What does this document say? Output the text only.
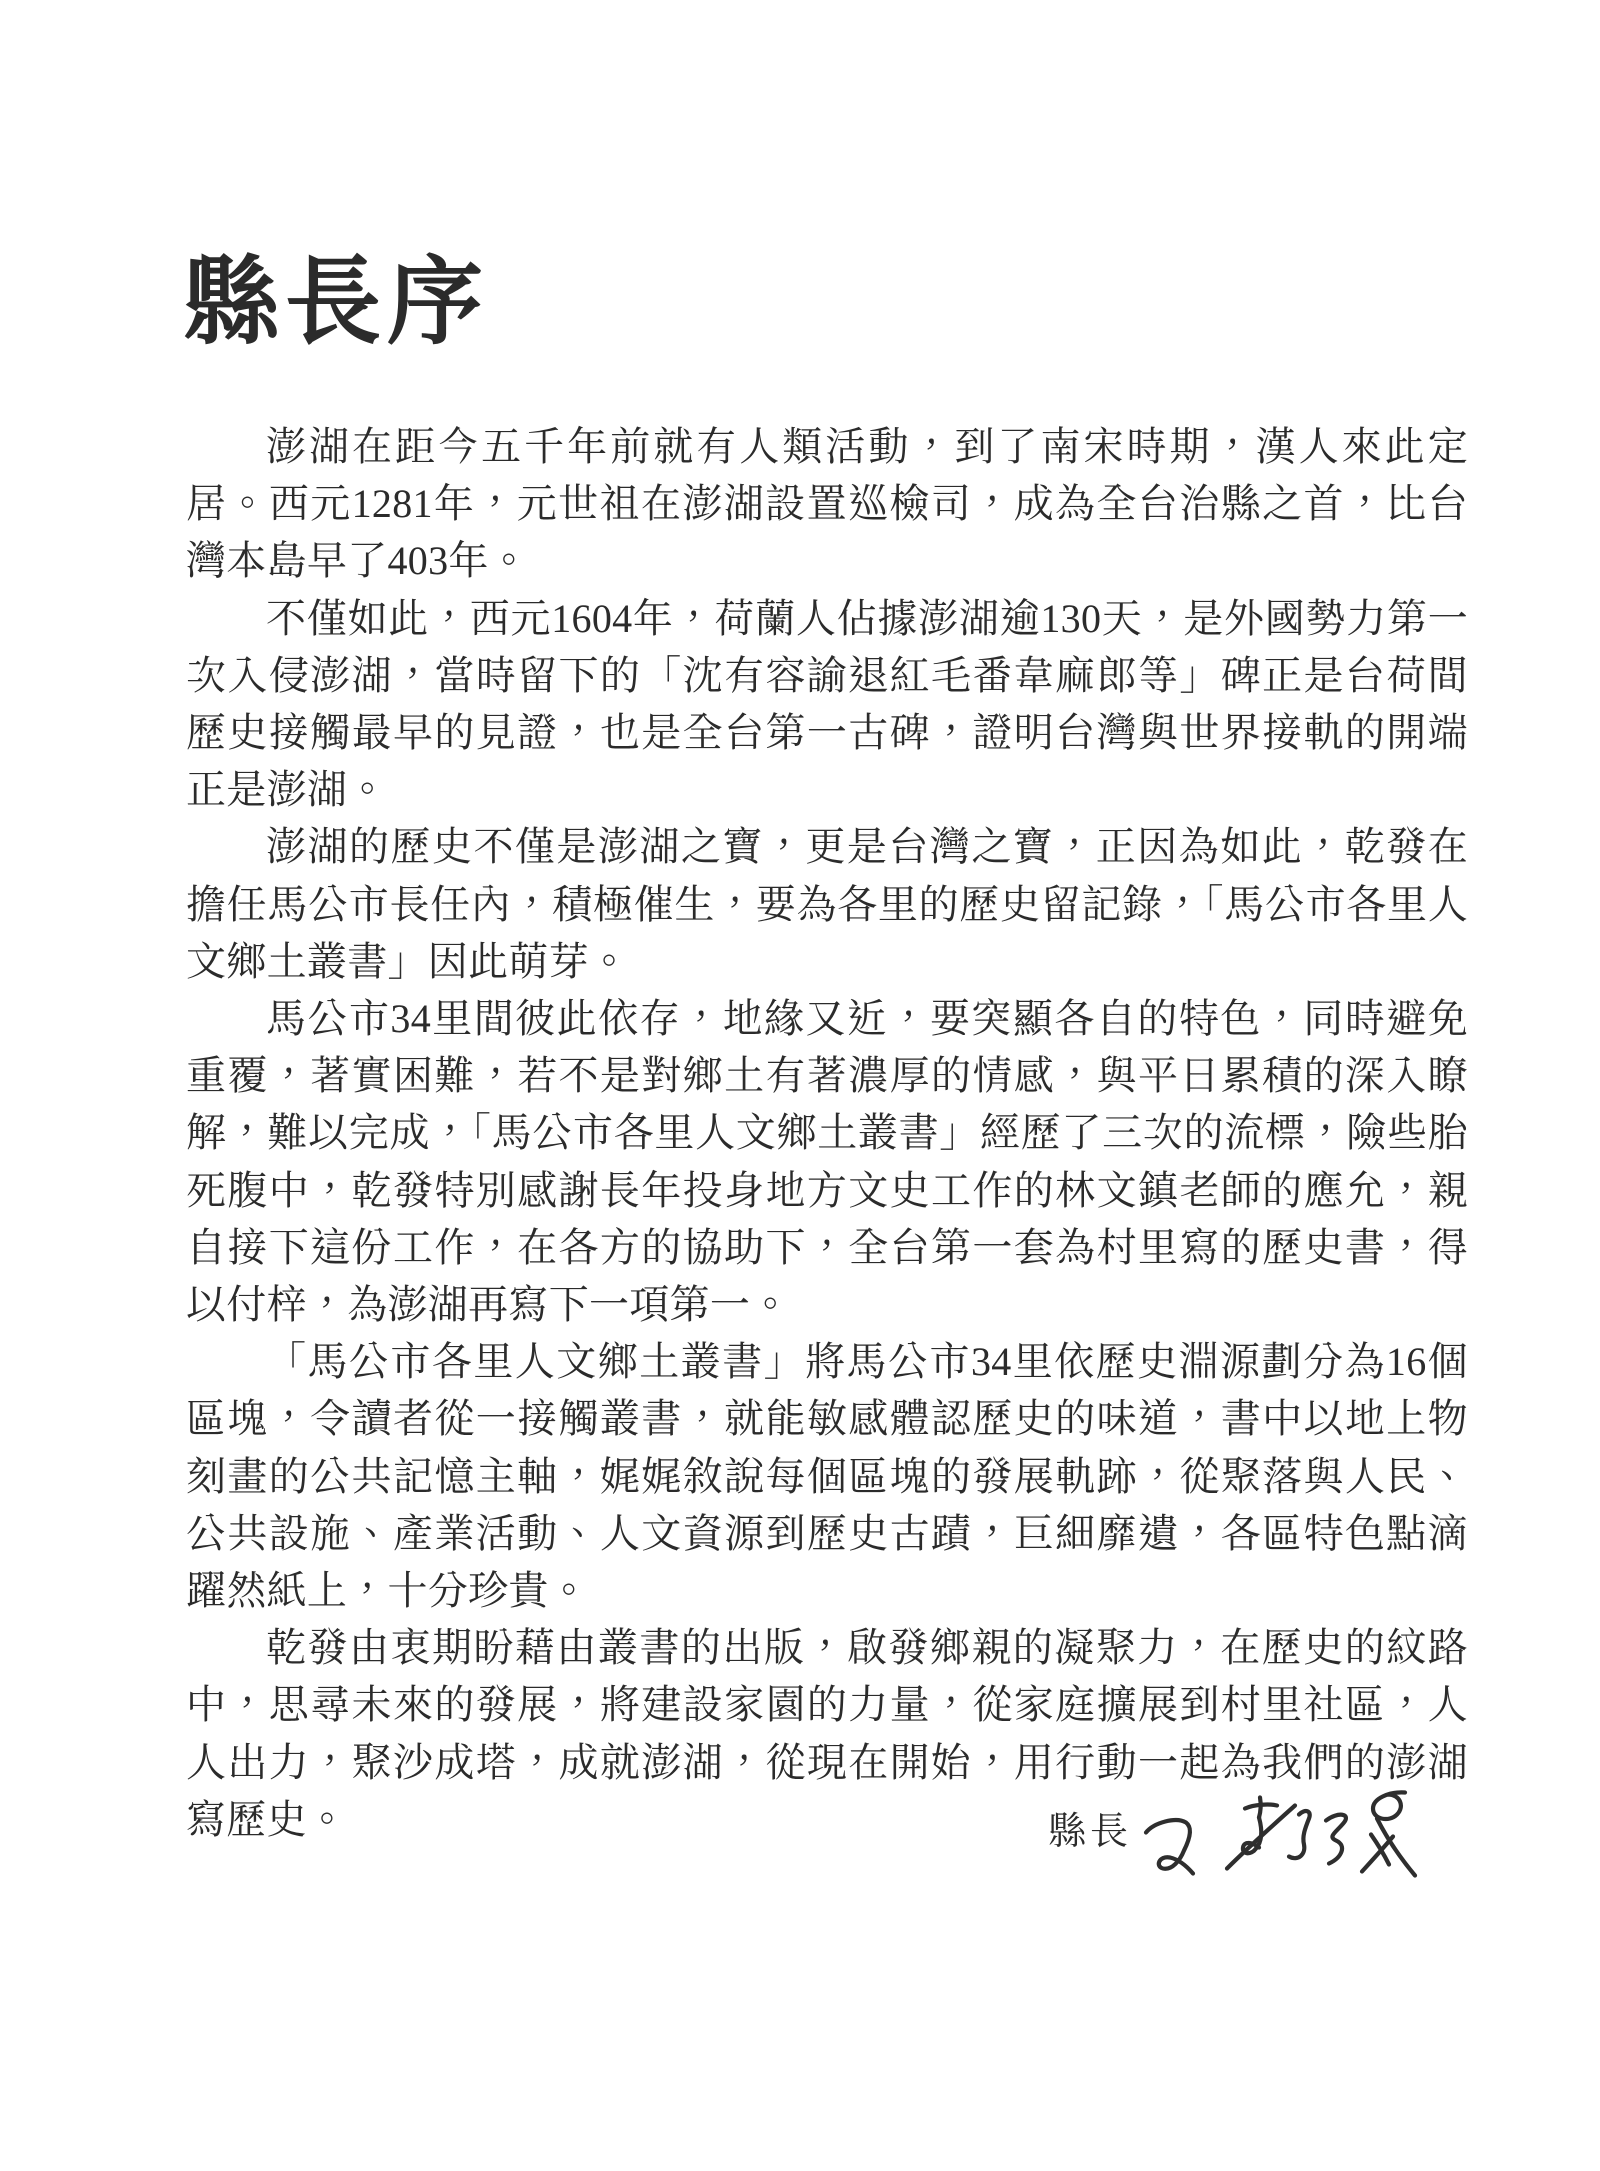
縣長序

澎湖在距今五千年前就有人類活動，到了南宋時期，漢人來此定居。西元1281年，元世祖在澎湖設置巡檢司，成為全台治縣之首，比台灣本島早了403年。

不僅如此，西元1604年，荷蘭人佔據澎湖逾130天，是外國勢力第一次入侵澎湖，當時留下的「沈有容諭退紅毛番韋麻郎等」碑正是台荷間歷史接觸最早的見證，也是全台第一古碑，證明台灣與世界接軌的開端正是澎湖。

澎湖的歷史不僅是澎湖之寶，更是台灣之寶，正因為如此，乾發在擔任馬公市長任內，積極催生，要為各里的歷史留記錄，「馬公市各里人文鄉土叢書」因此萌芽。

馬公市34里間彼此依存，地緣又近，要突顯各自的特色，同時避免重覆，著實困難，若不是對鄉土有著濃厚的情感，與平日累積的深入瞭解，難以完成，「馬公市各里人文鄉土叢書」經歷了三次的流標，險些胎死腹中，乾發特別感謝長年投身地方文史工作的林文鎮老師的應允，親自接下這份工作，在各方的協助下，全台第一套為村里寫的歷史書，得以付梓，為澎湖再寫下一項第一。

「馬公市各里人文鄉土叢書」將馬公市34里依歷史淵源劃分為16個區塊，令讀者從一接觸叢書，就能敏感體認歷史的味道，書中以地上物刻畫的公共記憶主軸，娓娓敘說每個區塊的發展軌跡，從聚落與人民、公共設施、產業活動、人文資源到歷史古蹟，巨細靡遺，各區特色點滴躍然紙上，十分珍貴。

乾發由衷期盼藉由叢書的出版，啟發鄉親的凝聚力，在歷史的紋路中，思尋未來的發展，將建設家園的力量，從家庭擴展到村里社區，人人出力，聚沙成塔，成就澎湖，從現在開始，用行動一起為我們的澎湖寫歷史。	縣長
